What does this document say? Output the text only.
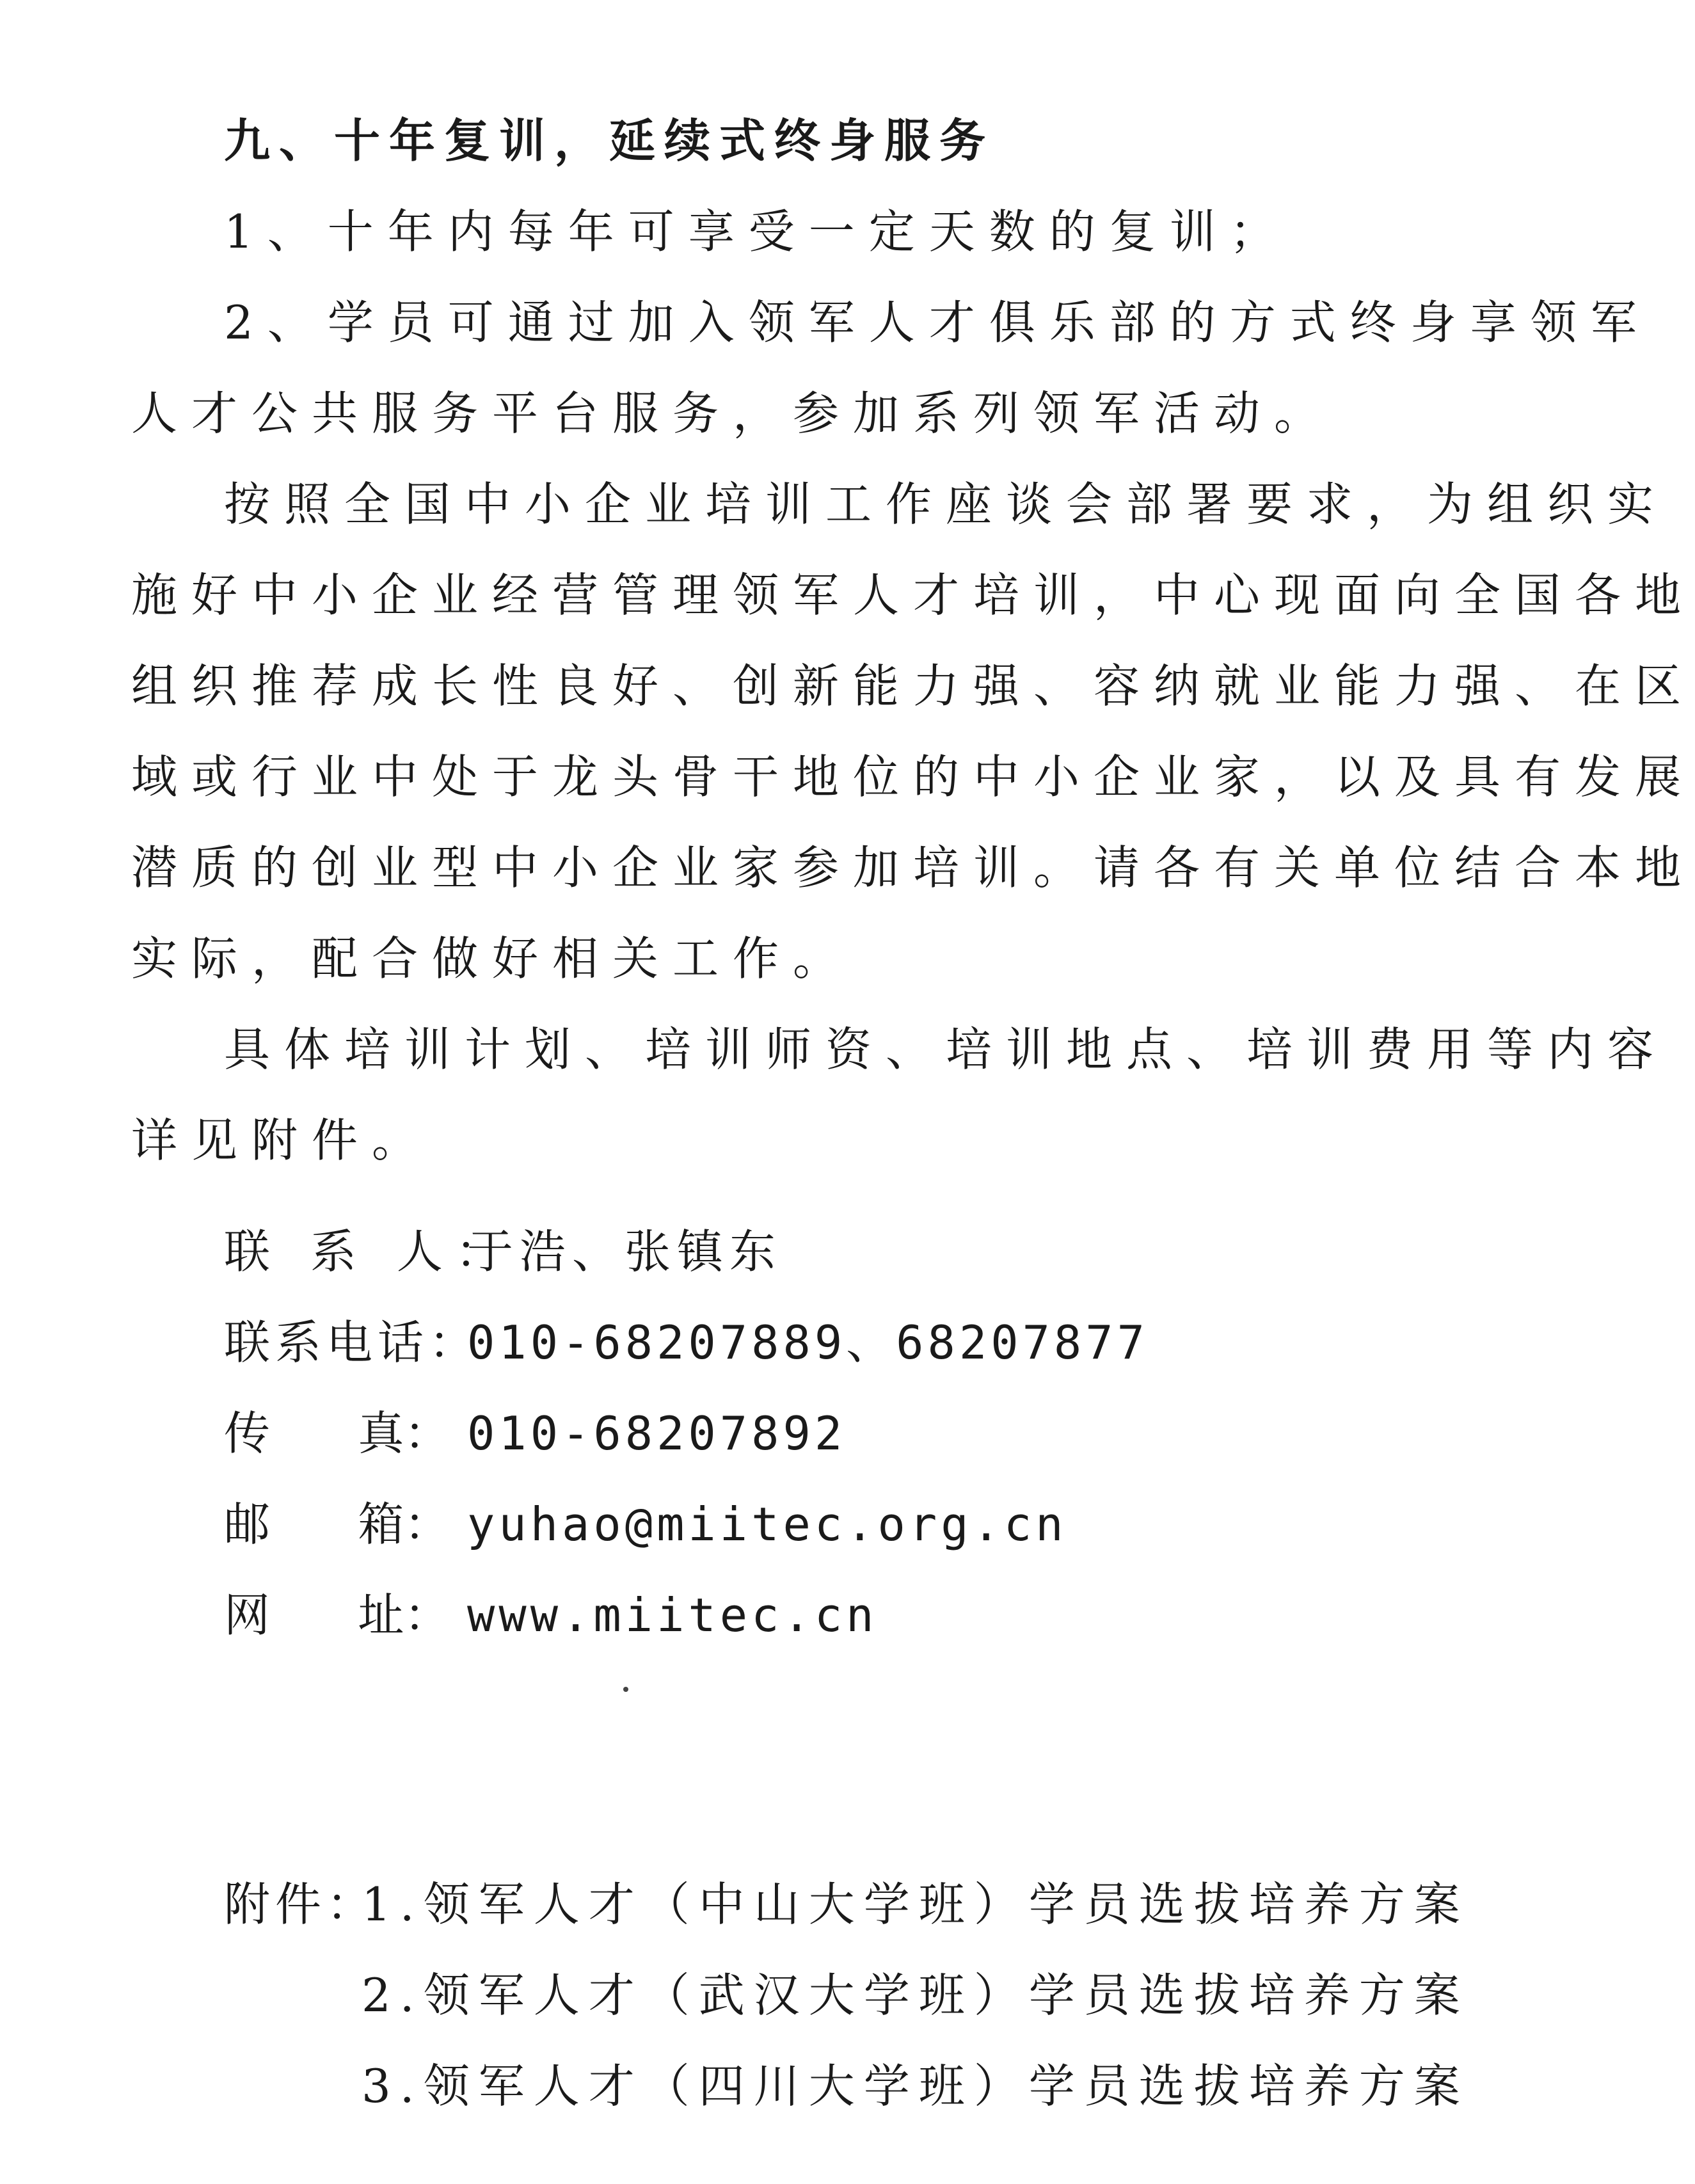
九、十年复训，延续式终身服务
1、十年内每年可享受一定天数的复训；
2、学员可通过加入领军人才俱乐部的方式终身享领军
人才公共服务平台服务，参加系列领军活动。
按照全国中小企业培训工作座谈会部署要求，为组织实
施好中小企业经营管理领军人才培训，中心现面向全国各地
组织推荐成长性良好、创新能力强、容纳就业能力强、在区
域或行业中处于龙头骨干地位的中小企业家，以及具有发展
潜质的创业型中小企业家参加培训。请各有关单位结合本地
实际，配合做好相关工作。
具体培训计划、培训师资、培训地点、培训费用等内容
详见附件。
联 系 人：于浩、张镇东
联系电话：010-68207889、68207877
传      真： 010-68207892
邮      箱： yuhao@miitec.org.cn
网      址： www.miitec.cn
附件：1.领军人才（中山大学班）学员选拔培养方案
2.领军人才（武汉大学班）学员选拔培养方案
3.领军人才（四川大学班）学员选拔培养方案
